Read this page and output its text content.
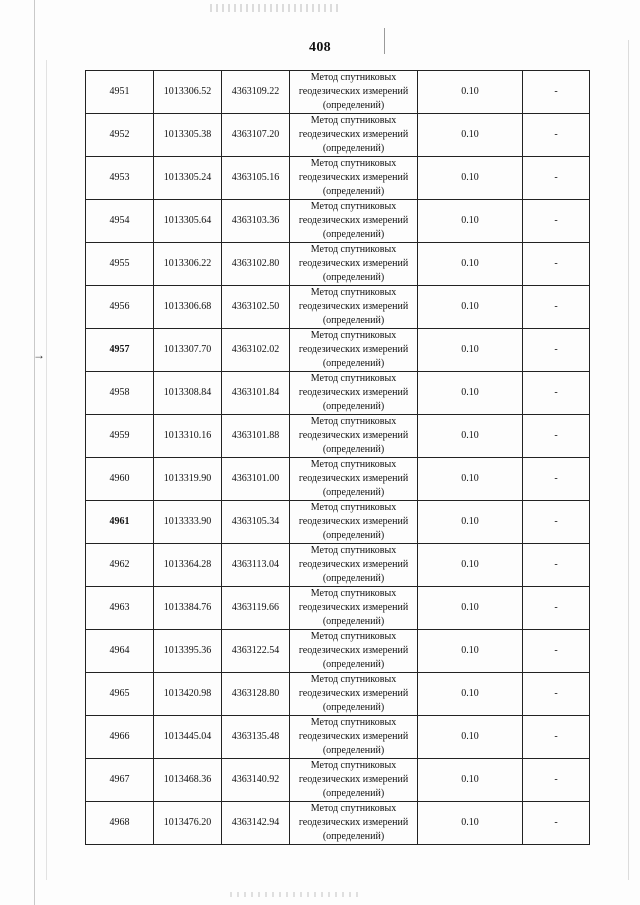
→
408
4951	1013306.52	4363109.22	Метод спутниковых
геодезических измерений
(определений)	0.10	-
4952	1013305.38	4363107.20	Метод спутниковых
геодезических измерений
(определений)	0.10	-
4953	1013305.24	4363105.16	Метод спутниковых
геодезических измерений
(определений)	0.10	-
4954	1013305.64	4363103.36	Метод спутниковых
геодезических измерений
(определений)	0.10	-
4955	1013306.22	4363102.80	Метод спутниковых
геодезических измерений
(определений)	0.10	-
4956	1013306.68	4363102.50	Метод спутниковых
геодезических измерений
(определений)	0.10	-
4957	1013307.70	4363102.02	Метод спутниковых
геодезических измерений
(определений)	0.10	-
4958	1013308.84	4363101.84	Метод спутниковых
геодезических измерений
(определений)	0.10	-
4959	1013310.16	4363101.88	Метод спутниковых
геодезических измерений
(определений)	0.10	-
4960	1013319.90	4363101.00	Метод спутниковых
геодезических измерений
(определений)	0.10	-
4961	1013333.90	4363105.34	Метод спутниковых
геодезических измерений
(определений)	0.10	-
4962	1013364.28	4363113.04	Метод спутниковых
геодезических измерений
(определений)	0.10	-
4963	1013384.76	4363119.66	Метод спутниковых
геодезических измерений
(определений)	0.10	-
4964	1013395.36	4363122.54	Метод спутниковых
геодезических измерений
(определений)	0.10	-
4965	1013420.98	4363128.80	Метод спутниковых
геодезических измерений
(определений)	0.10	-
4966	1013445.04	4363135.48	Метод спутниковых
геодезических измерений
(определений)	0.10	-
4967	1013468.36	4363140.92	Метод спутниковых
геодезических измерений
(определений)	0.10	-
4968	1013476.20	4363142.94	Метод спутниковых
геодезических измерений
(определений)	0.10	-
